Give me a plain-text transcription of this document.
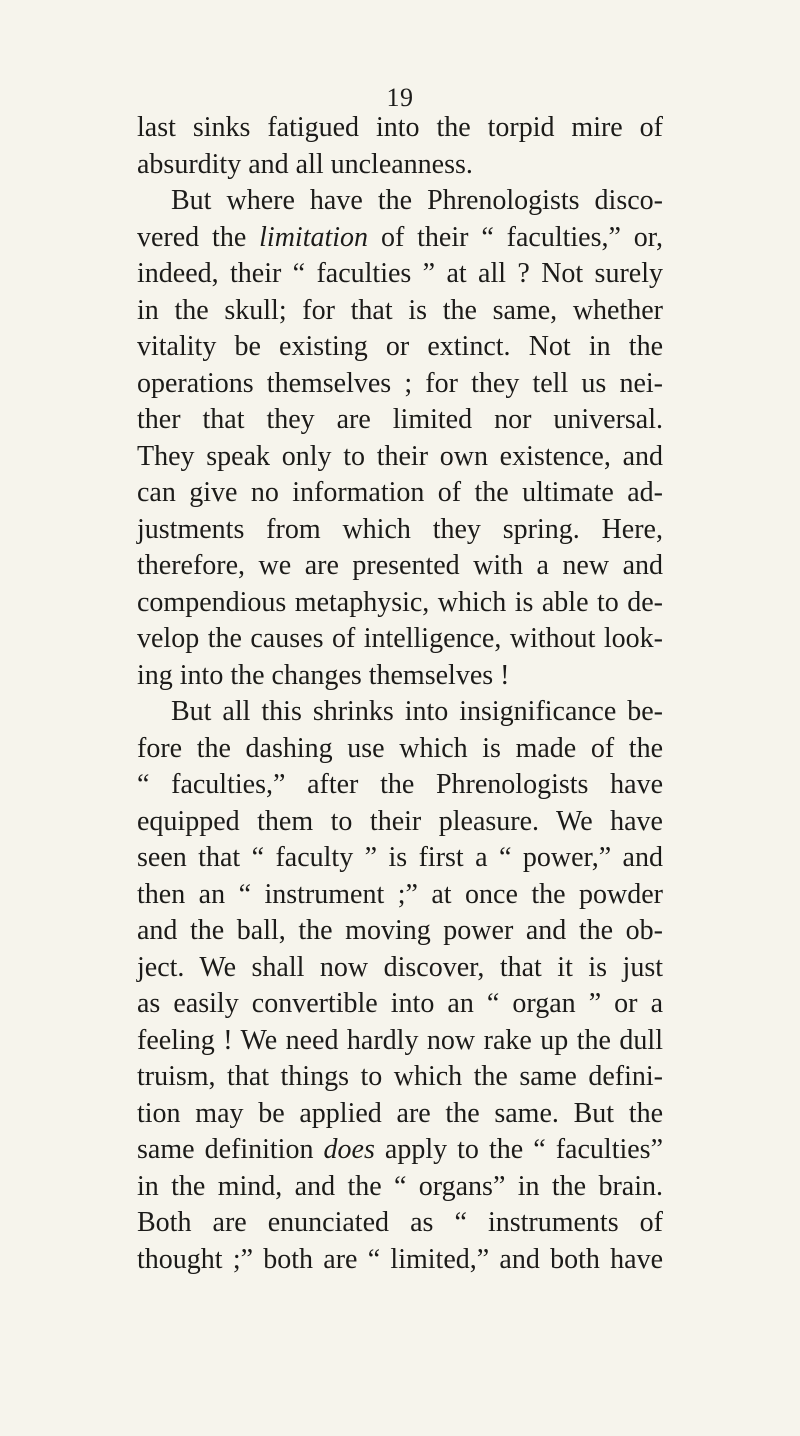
19
last sinks fatigued into the torpid mire of
absurdity and all uncleanness.
But where have the Phrenologists disco-
vered the limitation of their “ faculties,” or,
indeed, their “ faculties ” at all ? Not surely
in the skull; for that is the same, whether
vitality be existing or extinct. Not in the
operations themselves ; for they tell us nei-
ther that they are limited nor universal.
They speak only to their own existence, and
can give no information of the ultimate ad-
justments from which they spring. Here,
therefore, we are presented with a new and
compendious metaphysic, which is able to de-
velop the causes of intelligence, without look-
ing into the changes themselves !
But all this shrinks into insignificance be-
fore the dashing use which is made of the
“ faculties,” after the Phrenologists have
equipped them to their pleasure. We have
seen that “ faculty ” is first a “ power,” and
then an “ instrument ;” at once the powder
and the ball, the moving power and the ob-
ject. We shall now discover, that it is just
as easily convertible into an “ organ ” or a
feeling ! We need hardly now rake up the dull
truism, that things to which the same defini-
tion may be applied are the same. But the
same definition does apply to the “ faculties”
in the mind, and the “ organs” in the brain.
Both are enunciated as “ instruments of
thought ;” both are “ limited,” and both have
